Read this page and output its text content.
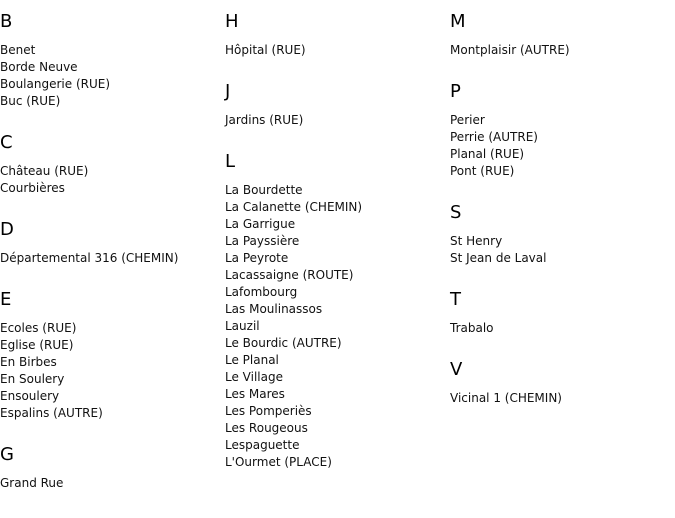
B
Benet
Borde Neuve
Boulangerie (RUE)
Buc (RUE)
C
Château (RUE)
Courbières
D
Départemental 316 (CHEMIN)
E
Ecoles (RUE)
Eglise (RUE)
En Birbes
En Soulery
Ensoulery
Espalins (AUTRE)
G
Grand Rue
H
Hôpital (RUE)
J
Jardins (RUE)
L
La Bourdette
La Calanette (CHEMIN)
La Garrigue
La Payssière
La Peyrote
Lacassaigne (ROUTE)
Lafombourg
Las Moulinassos
Lauzil
Le Bourdic (AUTRE)
Le Planal
Le Village
Les Mares
Les Pomperiès
Les Rougeous
Lespaguette
L'Ourmet (PLACE)
M
Montplaisir (AUTRE)
P
Perier
Perrie (AUTRE)
Planal (RUE)
Pont (RUE)
S
St Henry
St Jean de Laval
T
Trabalo
V
Vicinal 1 (CHEMIN)
